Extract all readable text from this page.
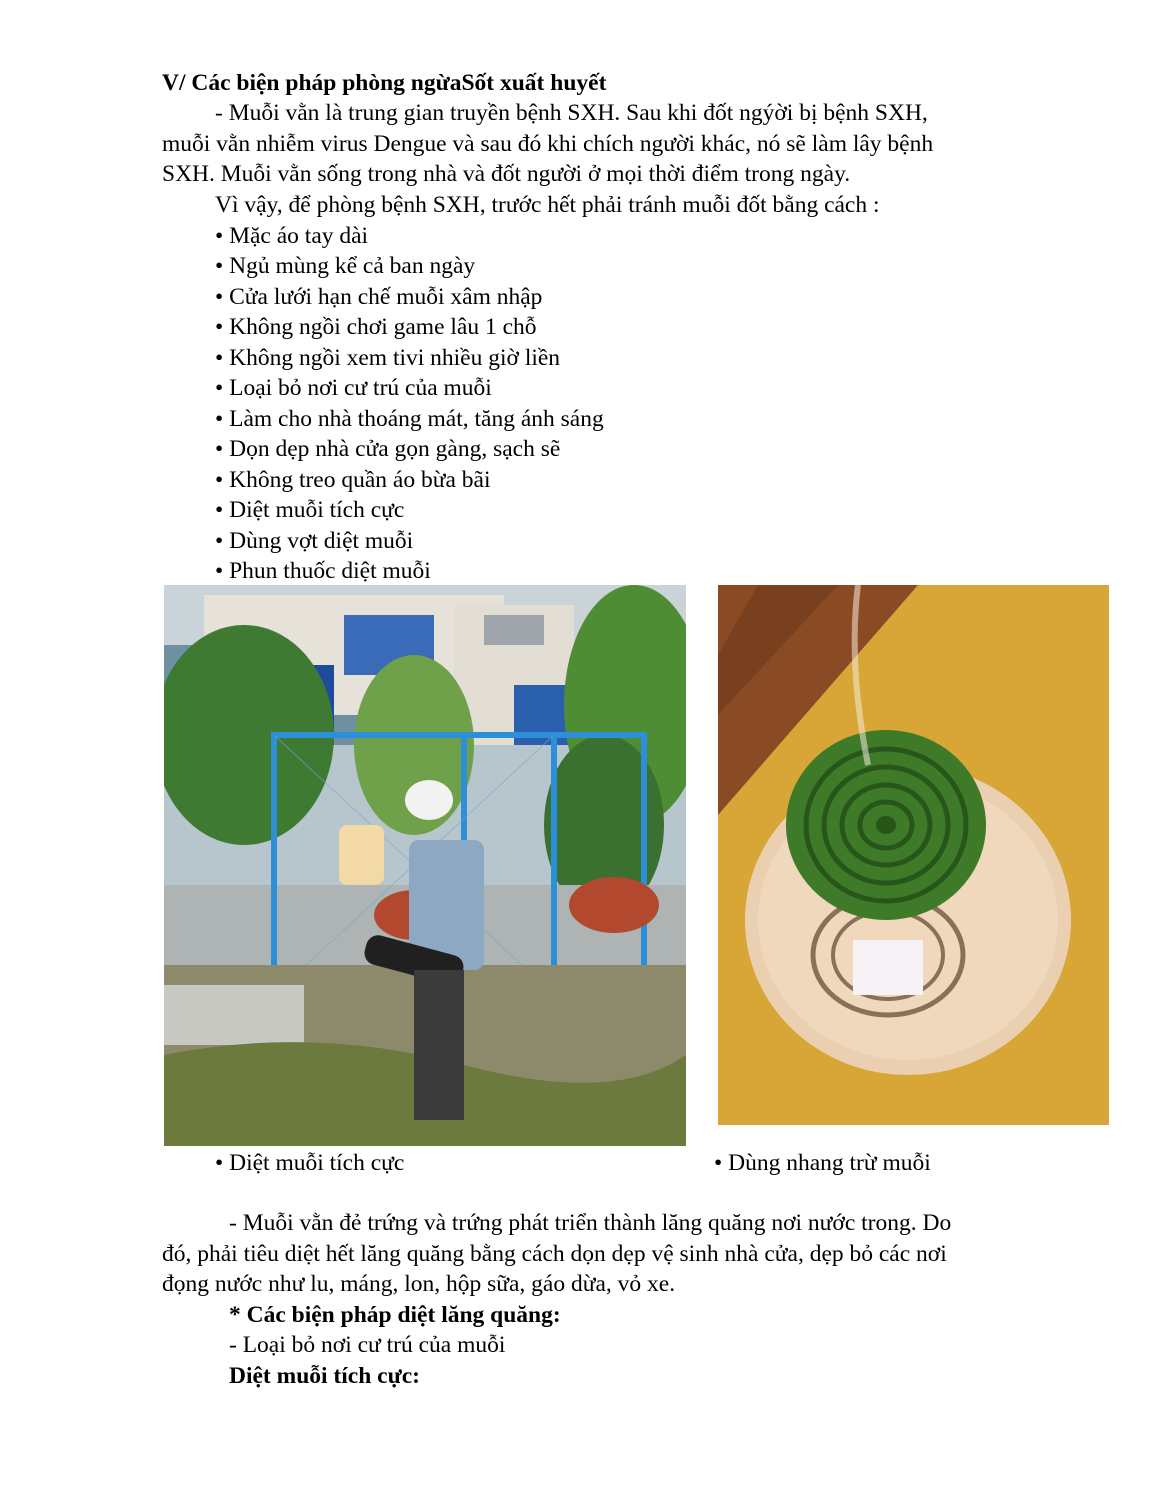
V/ Các biện pháp phòng ngừaSốt xuất huyết
- Muỗi vằn là trung gian truyền bệnh SXH. Sau khi đốt ngýời bị bệnh SXH,
muỗi vằn nhiễm virus Dengue và sau đó khi chích người khác, nó sẽ làm lây bệnh
SXH. Muỗi vằn sống trong nhà và đốt người ở mọi thời điểm trong ngày.
Vì vậy, để phòng bệnh SXH, trước hết phải tránh muỗi đốt bằng cách :
• Mặc áo tay dài
• Ngủ mùng kể cả ban ngày
• Cửa lưới hạn chế muỗi xâm nhập
• Không ngồi chơi game lâu 1 chỗ
• Không ngồi xem tivi nhiều giờ liền
• Loại bỏ nơi cư trú của muỗi
• Làm cho nhà thoáng mát, tăng ánh sáng
• Dọn dẹp nhà cửa gọn gàng, sạch sẽ
• Không treo quần áo bừa bãi
• Diệt muỗi tích cực
• Dùng vợt diệt muỗi
• Phun thuốc diệt muỗi
• Diệt muỗi tích cực
•	Dùng nhang trừ muỗi
- Muỗi vằn đẻ trứng và trứng phát triển thành lăng quăng nơi nước trong. Do
đó, phải tiêu diệt hết lăng quăng bằng cách dọn dẹp vệ sinh nhà cửa, dẹp bỏ các nơi
đọng nước như lu, máng, lon, hộp sữa, gáo dừa, vỏ xe.
* Các biện pháp diệt lăng quăng:
- Loại bỏ nơi cư trú của muỗi
Diệt muỗi tích cực:
